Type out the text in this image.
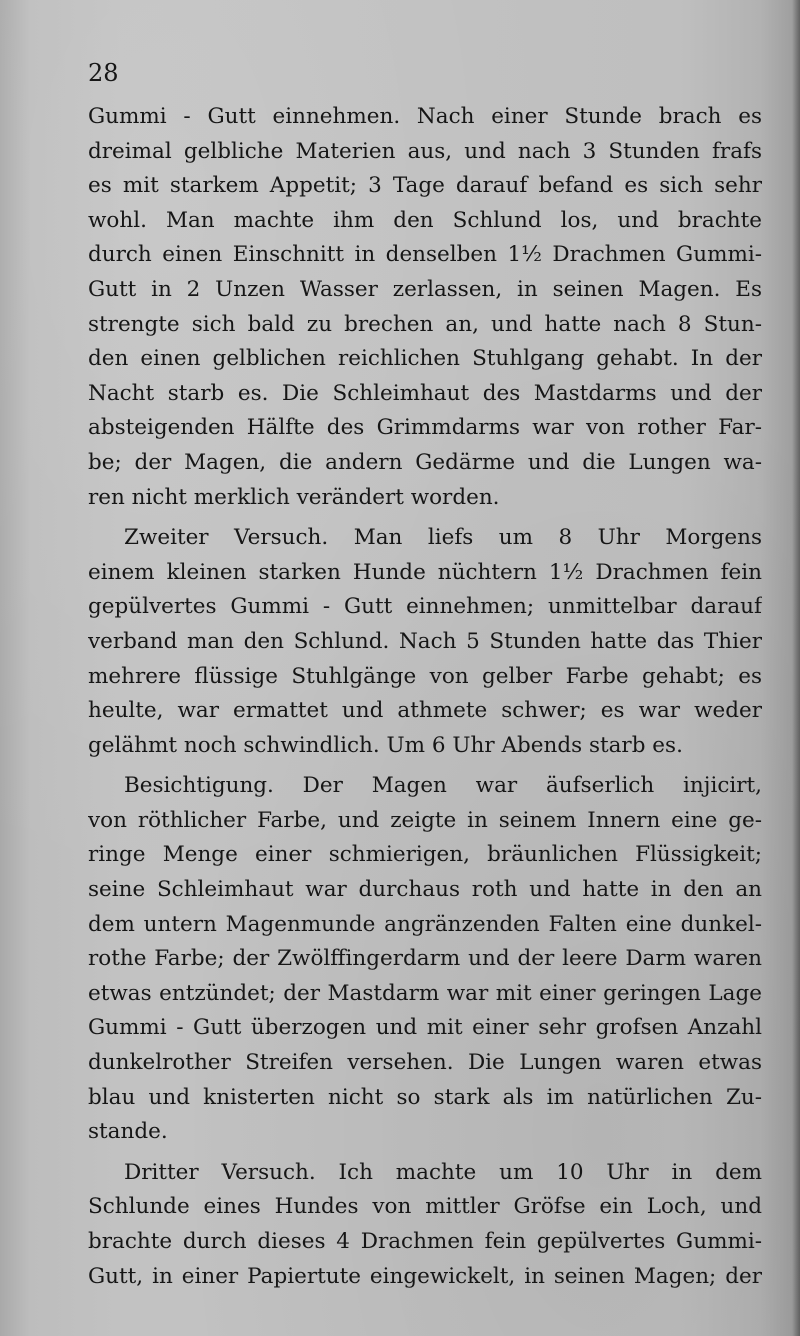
28
Gummi - Gutt einnehmen. Nach einer Stunde brach es
dreimal gelbliche Materien aus, und nach 3 Stunden frafs
es mit starkem Appetit; 3 Tage darauf befand es sich sehr
wohl. Man machte ihm den Schlund los, und brachte
durch einen Einschnitt in denselben 1½ Drachmen Gummi-
Gutt in 2 Unzen Wasser zerlassen, in seinen Magen. Es
strengte sich bald zu brechen an, und hatte nach 8 Stun-
den einen gelblichen reichlichen Stuhlgang gehabt. In der
Nacht starb es. Die Schleimhaut des Mastdarms und der
absteigenden Hälfte des Grimmdarms war von rother Far-
be; der Magen, die andern Gedärme und die Lungen wa-
ren nicht merklich verändert worden.
Zweiter Versuch. Man liefs um 8 Uhr Morgens
einem kleinen starken Hunde nüchtern 1½ Drachmen fein
gepülvertes Gummi - Gutt einnehmen; unmittelbar darauf
verband man den Schlund. Nach 5 Stunden hatte das Thier
mehrere flüssige Stuhlgänge von gelber Farbe gehabt; es
heulte, war ermattet und athmete schwer; es war weder
gelähmt noch schwindlich. Um 6 Uhr Abends starb es.
Besichtigung. Der Magen war äufserlich injicirt,
von röthlicher Farbe, und zeigte in seinem Innern eine ge-
ringe Menge einer schmierigen, bräunlichen Flüssigkeit;
seine Schleimhaut war durchaus roth und hatte in den an
dem untern Magenmunde angränzenden Falten eine dunkel-
rothe Farbe; der Zwölffingerdarm und der leere Darm waren
etwas entzündet; der Mastdarm war mit einer geringen Lage
Gummi - Gutt überzogen und mit einer sehr grofsen Anzahl
dunkelrother Streifen versehen. Die Lungen waren etwas
blau und knisterten nicht so stark als im natürlichen Zu-
stande.
Dritter Versuch. Ich machte um 10 Uhr in dem
Schlunde eines Hundes von mittler Gröfse ein Loch, und
brachte durch dieses 4 Drachmen fein gepülvertes Gummi-
Gutt, in einer Papiertute eingewickelt, in seinen Magen; der
